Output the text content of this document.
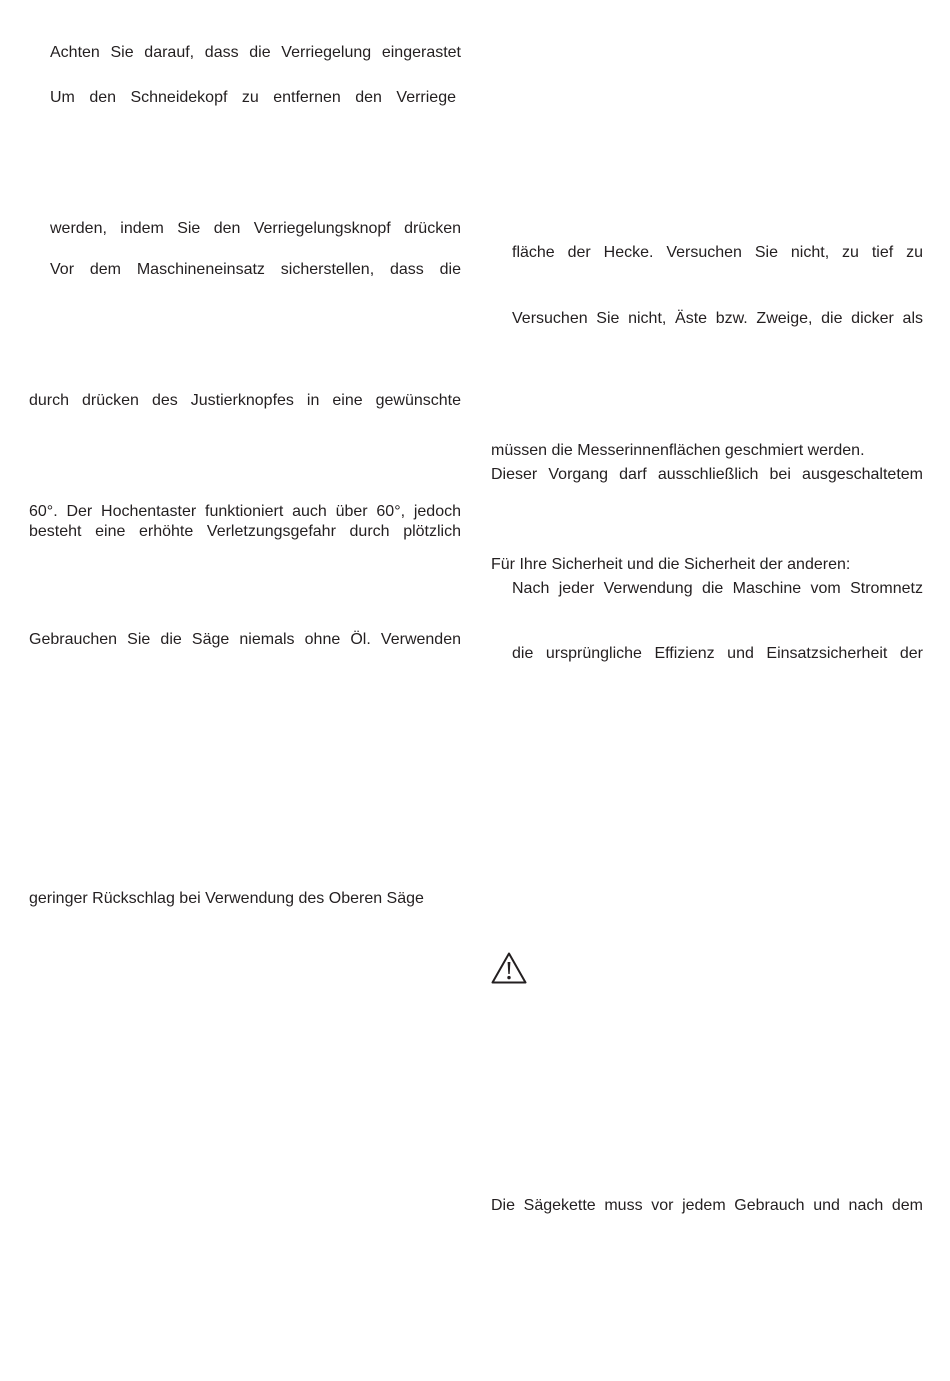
Achten Sie darauf, dass die Verriegelung eingerastet
Um den Schneidekopf zu entfernen den Verriege
werden, indem Sie den Verriegelungsknopf drücken
Vor dem Maschineneinsatz sicherstellen, dass die
durch drücken des Justierknopfes in eine gewünschte
60°. Der Hochentaster funktioniert auch über 60°, jedoch
besteht eine erhöhte Verletzungsgefahr durch plötzlich
Gebrauchen Sie die Säge niemals ohne Öl. Verwenden
geringer Rückschlag bei Verwendung des Oberen Säge
fläche der Hecke. Versuchen Sie nicht, zu tief zu
Versuchen Sie nicht, Äste bzw. Zweige, die dicker als
müssen die Messerinnenflächen geschmiert werden.
Dieser Vorgang darf ausschließlich bei ausgeschaltetem
Für Ihre Sicherheit und die Sicherheit der anderen:
Nach jeder Verwendung die Maschine vom Stromnetz
die ursprüngliche Effizienz und Einsatzsicherheit der
Die Sägekette muss vor jedem Gebrauch und nach dem
